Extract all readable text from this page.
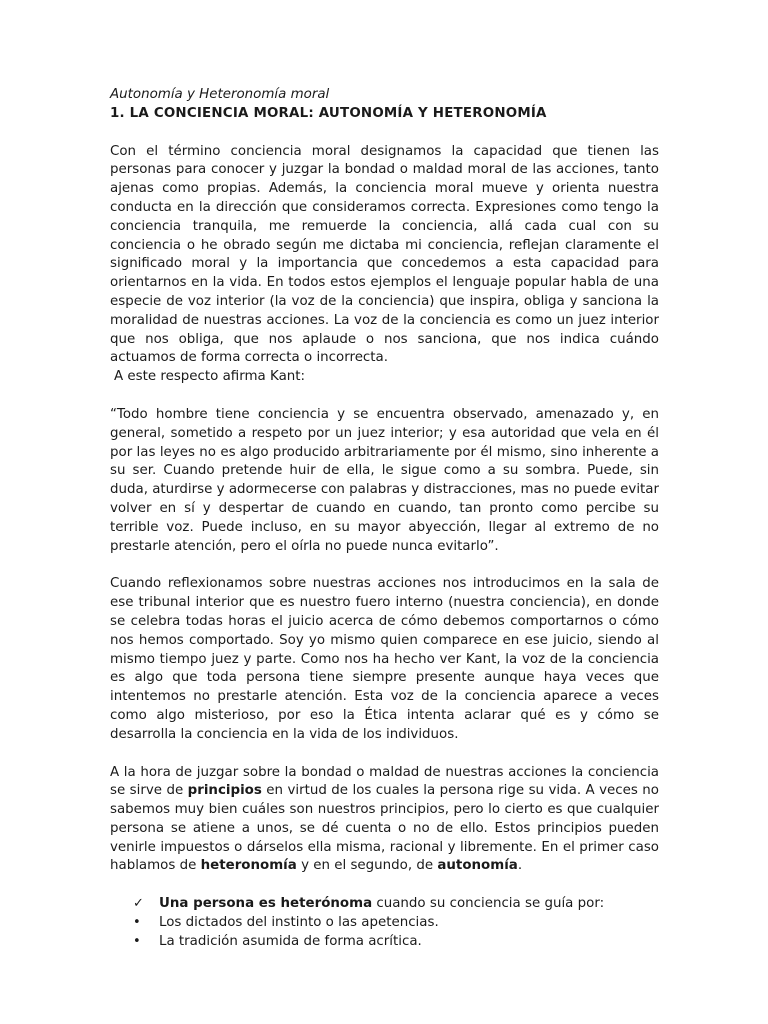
Autonomía y Heteronomía moral

1. LA CONCIENCIA MORAL: AUTONOMÍA Y HETERONOMÍA

Con el término conciencia moral designamos la capacidad que tienen las personas para conocer y juzgar la bondad o maldad moral de las acciones, tanto ajenas como propias. Además, la conciencia moral mueve y orienta nuestra conducta en la dirección que consideramos correcta. Expresiones como tengo la conciencia tranquila, me remuerde la conciencia, allá cada cual con su conciencia o he obrado según me dictaba mi conciencia, reflejan claramente el significado moral y la importancia que concedemos a esta capacidad para orientarnos en la vida. En todos estos ejemplos el lenguaje popular habla de una especie de voz interior (la voz de la conciencia) que inspira, obliga y sanciona la moralidad de nuestras acciones. La voz de la conciencia es como un juez interior que nos obliga, que nos aplaude o nos sanciona, que nos indica cuándo actuamos de forma correcta o incorrecta.

A este respecto afirma Kant:

“Todo hombre tiene conciencia y se encuentra observado, amenazado y, en general, sometido a respeto por un juez interior; y esa autoridad que vela en él por las leyes no es algo producido arbitrariamente por él mismo, sino inherente a su ser. Cuando pretende huir de ella, le sigue como a su sombra. Puede, sin duda, aturdirse y adormecerse con palabras y distracciones, mas no puede evitar volver en sí y despertar de cuando en cuando, tan pronto como percibe su terrible voz. Puede incluso, en su mayor abyección, llegar al extremo de no prestarle atención, pero el oírla no puede nunca evitarlo”.

Cuando reflexionamos sobre nuestras acciones nos introducimos en la sala de ese tribunal interior que es nuestro fuero interno (nuestra conciencia), en donde se celebra todas horas el juicio acerca de cómo debemos comportarnos o cómo nos hemos comportado. Soy yo mismo quien comparece en ese juicio, siendo al mismo tiempo juez y parte. Como nos ha hecho ver Kant, la voz de la conciencia es algo que toda persona tiene siempre presente aunque haya veces que intentemos no prestarle atención. Esta voz de la conciencia aparece a veces como algo misterioso, por eso la Ética intenta aclarar qué es y cómo se desarrolla la conciencia en la vida de los individuos.

A la hora de juzgar sobre la bondad o maldad de nuestras acciones la conciencia se sirve de principios en virtud de los cuales la persona rige su vida. A veces no sabemos muy bien cuáles son nuestros principios, pero lo cierto es que cualquier persona se atiene a unos, se dé cuenta o no de ello. Estos principios pueden venirle impuestos o dárselos ella misma, racional y libremente. En el primer caso hablamos de heteronomía y en el segundo, de autonomía.

✓	Una persona es heterónoma cuando su conciencia se guía por:
•	Los dictados del instinto o las apetencias.
•	La tradición asumida de forma acrítica.
